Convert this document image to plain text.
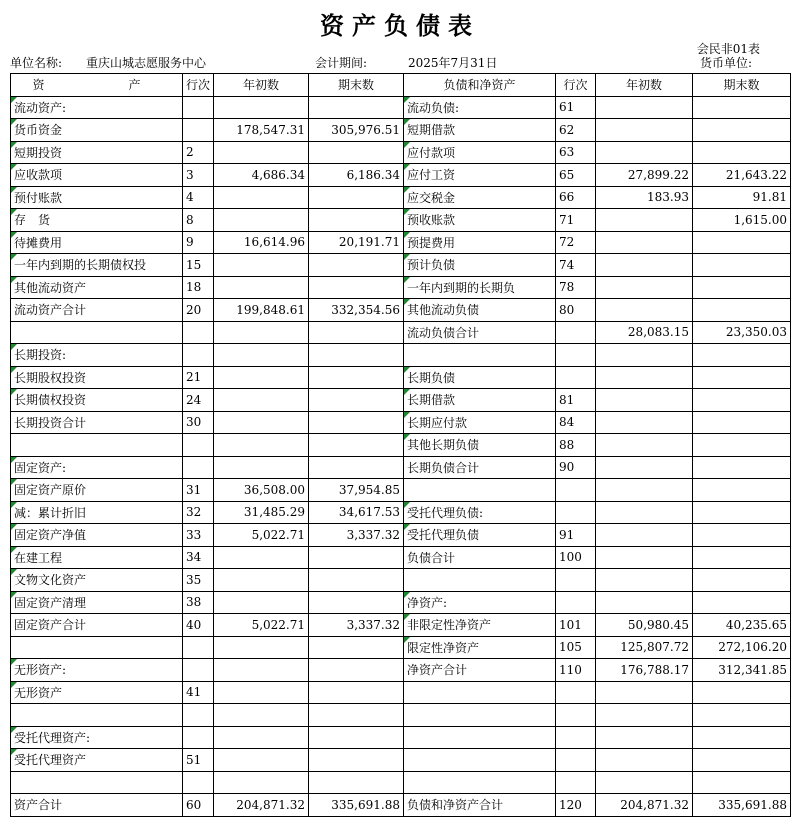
资产负债表
会民非01表
单位名称: 重庆山城志愿服务中心	会计期间:	2025年7月31日	货币单位:
资　　产	行次	年初数	期末数	负债和净资产	行次	年初数	期末数
流动资产:				流动负债:	61		
货币资金		178,547.31	305,976.51	短期借款	62		
短期投资	2			应付款项	63		
应收款项	3	4,686.34	6,186.34	应付工资	65	27,899.22	21,643.22
预付账款	4			应交税金	66	183.93	91.81
存　货	8			预收账款	71		1,615.00
待摊费用	9	16,614.96	20,191.71	预提费用	72		
一年内到期的长期债权投	15			预计负债	74		
其他流动资产	18			一年内到期的长期负	78		
流动资产合计	20	199,848.61	332,354.56	其他流动负债	80		
				流动负债合计		28,083.15	23,350.03
长期投资:							
长期股权投资	21			长期负债			
长期债权投资	24			长期借款	81		
长期投资合计	30			长期应付款	84		
				其他长期负债	88		
固定资产:				长期负债合计	90		
固定资产原价	31	36,508.00	37,954.85				
减：累计折旧	32	31,485.29	34,617.53	受托代理负债:			
固定资产净值	33	5,022.71	3,337.32	受托代理负债	91		
在建工程	34			负债合计	100		
文物文化资产	35						
固定资产清理	38			净资产:			
固定资产合计	40	5,022.71	3,337.32	非限定性净资产	101	50,980.45	40,235.65
				限定性净资产	105	125,807.72	272,106.20
无形资产:				净资产合计	110	176,788.17	312,341.85
无形资产	41						

受托代理资产:							
受托代理资产	51						

资产合计	60	204,871.32	335,691.88	负债和净资产合计	120	204,871.32	335,691.88
